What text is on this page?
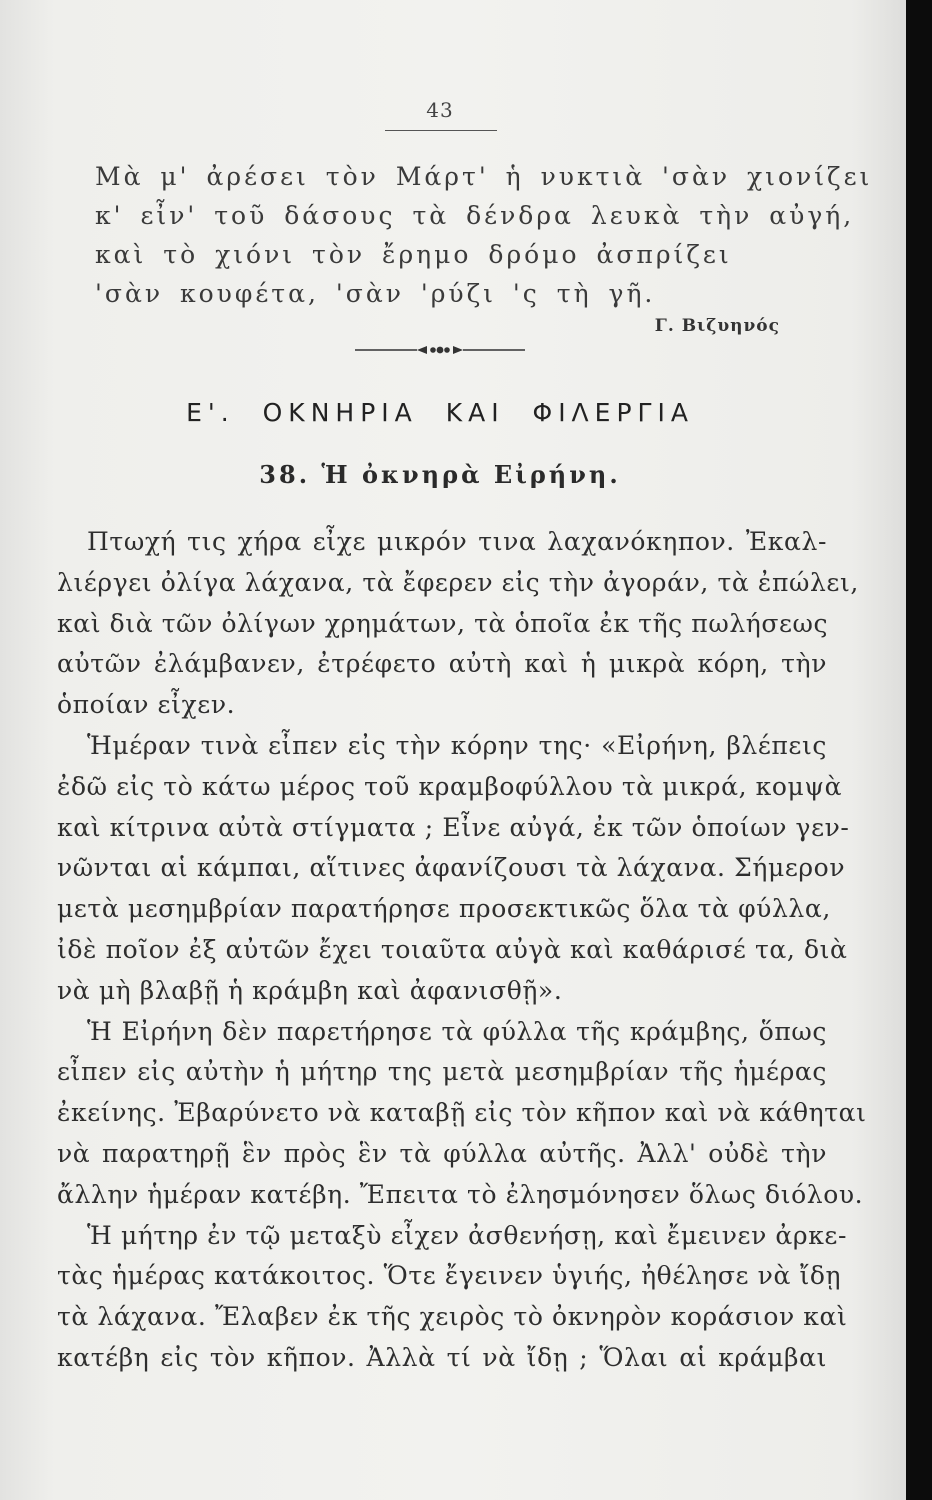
43
Μὰ μ' ἀρέσει τὸν Μάρτ' ἡ νυκτιὰ 'σὰν χιονίζει
κ' εἶν' τοῦ δάσους τὰ δένδρα λευκὰ τὴν αὐγή,
καὶ τὸ χιόνι τὸν ἔρημο δρόμο ἀσπρίζει
'σὰν κουφέτα, 'σὰν 'ρύζι 'ς τὴ γῆ.
Γ. Βιζυηνός
Ε'. ΟΚΝΗΡΙΑ ΚΑΙ ΦΙΛΕΡΓΙΑ
38. Ἡ ὀκνηρὰ Εἰρήνη.
Πτωχή τις χήρα εἶχε μικρόν τινα λαχανόκηπον. Ἐκαλ-
λιέργει ὀλίγα λάχανα, τὰ ἔφερεν εἰς τὴν ἀγοράν, τὰ ἐπώλει,
καὶ διὰ τῶν ὀλίγων χρημάτων, τὰ ὁποῖα ἐκ τῆς πωλήσεως
αὐτῶν ἐλάμβανεν, ἐτρέφετο αὐτὴ καὶ ἡ μικρὰ κόρη, τὴν
ὁποίαν εἶχεν.
Ἡμέραν τινὰ εἶπεν εἰς τὴν κόρην της· «Εἰρήνη, βλέπεις
ἐδῶ εἰς τὸ κάτω μέρος τοῦ κραμβοφύλλου τὰ μικρά, κομψὰ
καὶ κίτρινα αὐτὰ στίγματα ; Εἶνε αὐγά, ἐκ τῶν ὁποίων γεν-
νῶνται αἱ κάμπαι, αἵτινες ἀφανίζουσι τὰ λάχανα. Σήμερον
μετὰ μεσημβρίαν παρατήρησε προσεκτικῶς ὅλα τὰ φύλλα,
ἰδὲ ποῖον ἐξ αὐτῶν ἔχει τοιαῦτα αὐγὰ καὶ καθάρισέ τα, διὰ
νὰ μὴ βλαβῇ ἡ κράμβη καὶ ἀφανισθῇ».
Ἡ Εἰρήνη δὲν παρετήρησε τὰ φύλλα τῆς κράμβης, ὅπως
εἶπεν εἰς αὐτὴν ἡ μήτηρ της μετὰ μεσημβρίαν τῆς ἡμέρας
ἐκείνης. Ἐβαρύνετο νὰ καταβῇ εἰς τὸν κῆπον καὶ νὰ κάθηται
νὰ παρατηρῇ ἓν πρὸς ἓν τὰ φύλλα αὐτῆς. Ἀλλ' οὐδὲ τὴν
ἄλλην ἡμέραν κατέβη. Ἔπειτα τὸ ἐλησμόνησεν ὅλως διόλου.
Ἡ μήτηρ ἐν τῷ μεταξὺ εἶχεν ἀσθενήσῃ, καὶ ἔμεινεν ἀρκε-
τὰς ἡμέρας κατάκοιτος. Ὅτε ἔγεινεν ὑγιής, ἠθέλησε νὰ ἴδῃ
τὰ λάχανα. Ἔλαβεν ἐκ τῆς χειρὸς τὸ ὀκνηρὸν κοράσιον καὶ
κατέβη εἰς τὸν κῆπον. Ἀλλὰ τί νὰ ἴδῃ ; Ὅλαι αἱ κράμβαι
